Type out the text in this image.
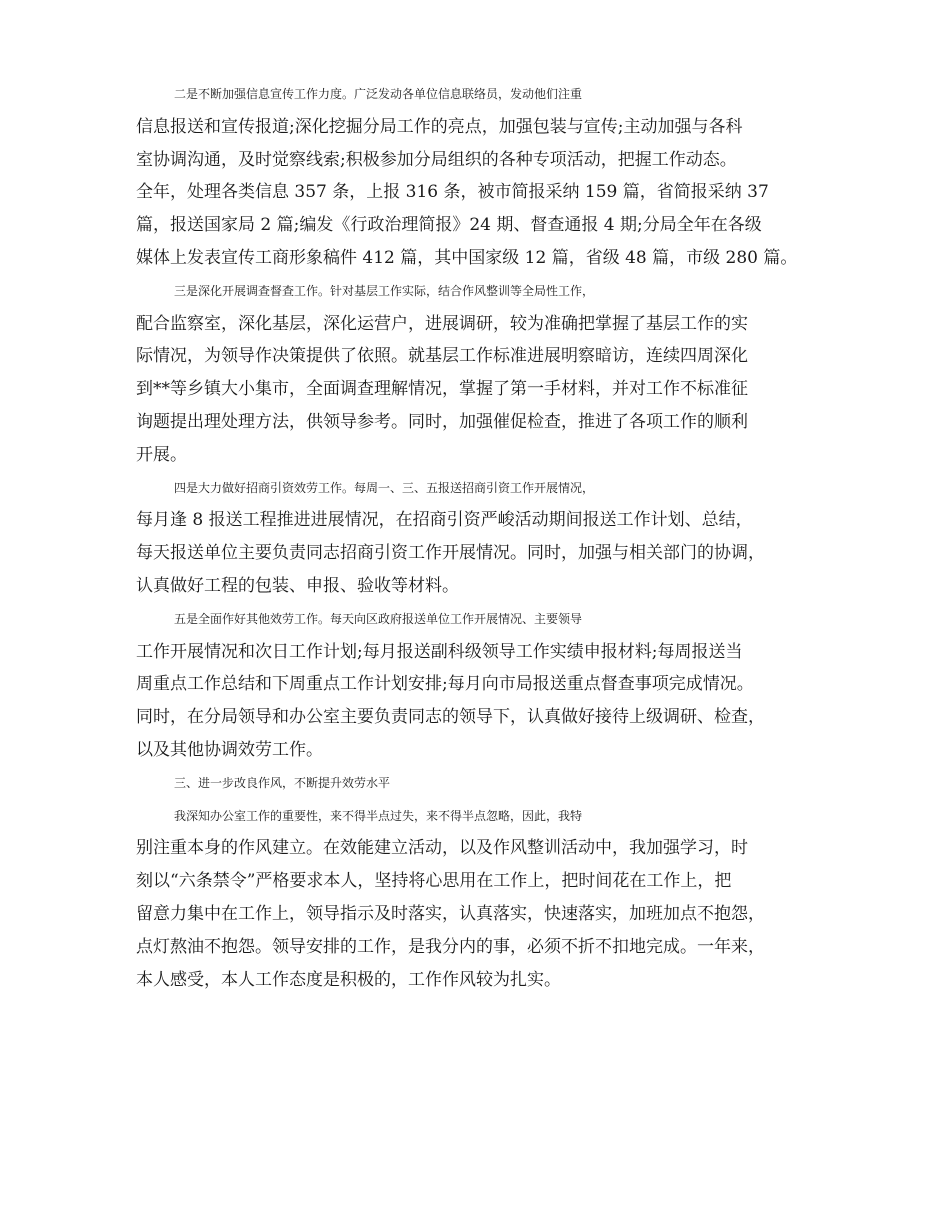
二是不断加强信息宣传工作力度。广泛发动各单位信息联络员，发动他们注重
信息报送和宣传报道;深化挖掘分局工作的亮点，加强包装与宣传;主动加强与各科
室协调沟通，及时觉察线索;积极参加分局组织的各种专项活动，把握工作动态。
全年，处理各类信息 357 条，上报 316 条，被市简报采纳 159 篇，省简报采纳 37
篇，报送国家局 2 篇;编发《行政治理简报》24 期、督查通报 4 期;分局全年在各级
媒体上发表宣传工商形象稿件 412 篇，其中国家级 12 篇，省级 48 篇，市级 280 篇。
三是深化开展调查督查工作。针对基层工作实际，结合作风整训等全局性工作，
配合监察室，深化基层，深化运营户，进展调研，较为准确把掌握了基层工作的实
际情况，为领导作决策提供了依照。就基层工作标准进展明察暗访，连续四周深化
到**等乡镇大小集市，全面调查理解情况，掌握了第一手材料，并对工作不标准征
询题提出理处理方法，供领导参考。同时，加强催促检查，推进了各项工作的顺利
开展。
四是大力做好招商引资效劳工作。每周一、三、五报送招商引资工作开展情况，
每月逢 8 报送工程推进进展情况，在招商引资严峻活动期间报送工作计划、总结，
每天报送单位主要负责同志招商引资工作开展情况。同时，加强与相关部门的协调，
认真做好工程的包装、申报、验收等材料。
五是全面作好其他效劳工作。每天向区政府报送单位工作开展情况、主要领导
工作开展情况和次日工作计划;每月报送副科级领导工作实绩申报材料;每周报送当
周重点工作总结和下周重点工作计划安排;每月向市局报送重点督查事项完成情况。
同时，在分局领导和办公室主要负责同志的领导下，认真做好接待上级调研、检查，
以及其他协调效劳工作。
三、进一步改良作风，不断提升效劳水平
我深知办公室工作的重要性，来不得半点过失，来不得半点忽略，因此，我特
别注重本身的作风建立。在效能建立活动，以及作风整训活动中，我加强学习，时
刻以“六条禁令”严格要求本人，坚持将心思用在工作上，把时间花在工作上，把
留意力集中在工作上，领导指示及时落实，认真落实，快速落实，加班加点不抱怨，
点灯熬油不抱怨。领导安排的工作，是我分内的事，必须不折不扣地完成。一年来，
本人感受，本人工作态度是积极的，工作作风较为扎实。
